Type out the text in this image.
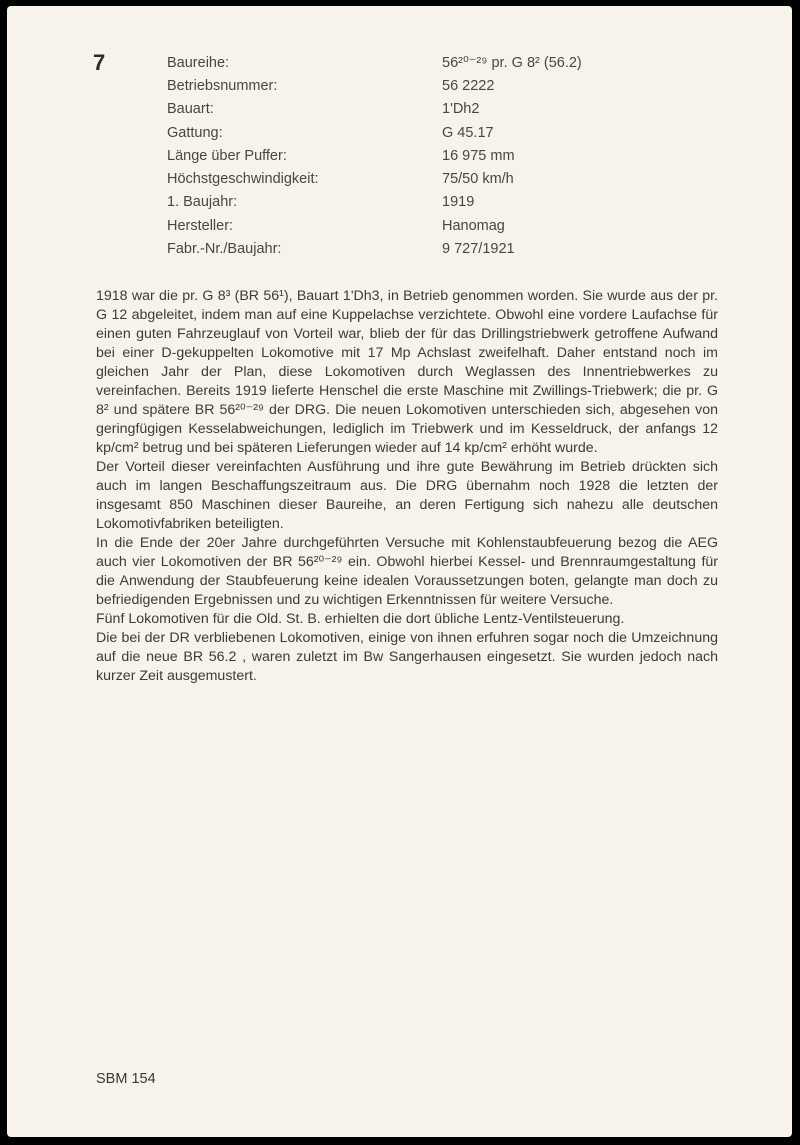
7	Baureihe:	56²⁰⁻²⁹ pr. G 8² (56.2)
Betriebsnummer:	56 2222
Bauart:	1'Dh2
Gattung:	G 45.17
Länge über Puffer:	16 975 mm
Höchstgeschwindigkeit:	75/50 km/h
1. Baujahr:	1919
Hersteller:	Hanomag
Fabr.-Nr./Baujahr:	9 727/1921

1918 war die pr. G 8³ (BR 56¹), Bauart 1'Dh3, in Betrieb genommen worden. Sie wurde aus der pr. G 12 abgeleitet, indem man auf eine Kuppelachse verzichtete. Obwohl eine vordere Laufachse für einen guten Fahrzeuglauf von Vorteil war, blieb der für das Drillingstriebwerk getroffene Aufwand bei einer D-gekuppelten Lokomotive mit 17 Mp Achslast zweifelhaft. Daher entstand noch im gleichen Jahr der Plan, diese Lokomotiven durch Weglassen des Innentriebwerkes zu vereinfachen. Bereits 1919 lieferte Henschel die erste Maschine mit Zwillings-Triebwerk; die pr. G 8² und spätere BR 56²⁰⁻²⁹ der DRG. Die neuen Lokomotiven unterschieden sich, abgesehen von geringfügigen Kesselabweichungen, lediglich im Triebwerk und im Kesseldruck, der anfangs 12 kp/cm² betrug und bei späteren Lieferungen wieder auf 14 kp/cm² erhöht wurde.

Der Vorteil dieser vereinfachten Ausführung und ihre gute Bewährung im Betrieb drückten sich auch im langen Beschaffungszeitraum aus. Die DRG übernahm noch 1928 die letzten der insgesamt 850 Maschinen dieser Baureihe, an deren Fertigung sich nahezu alle deutschen Lokomotivfabriken beteiligten.

In die Ende der 20er Jahre durchgeführten Versuche mit Kohlenstaubfeuerung bezog die AEG auch vier Lokomotiven der BR 56²⁰⁻²⁹ ein. Obwohl hierbei Kessel- und Brennraumgestaltung für die Anwendung der Staubfeuerung keine idealen Voraussetzungen boten, gelangte man doch zu befriedigenden Ergebnissen und zu wichtigen Erkenntnissen für weitere Versuche.

Fünf Lokomotiven für die Old. St. B. erhielten die dort übliche Lentz-Ventilsteuerung.

Die bei der DR verbliebenen Lokomotiven, einige von ihnen erfuhren sogar noch die Umzeichnung auf die neue BR 56.2 , waren zuletzt im Bw Sangerhausen eingesetzt. Sie wurden jedoch nach kurzer Zeit ausgemustert.

SBM 154
